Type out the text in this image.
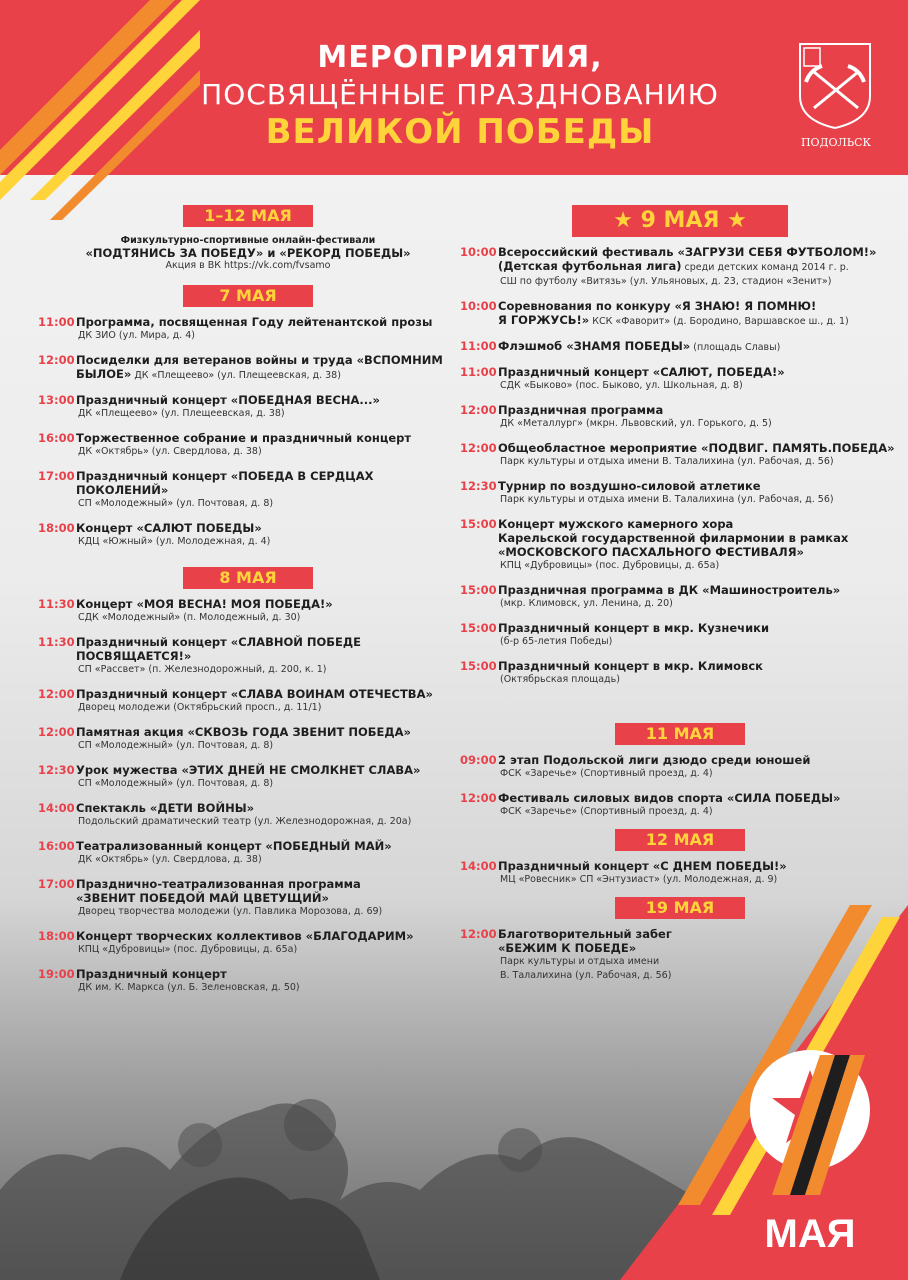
МЕРОПРИЯТИЯ,
ПОСВЯЩЁННЫЕ ПРАЗДНОВАНИЮ
ВЕЛИКОЙ ПОБЕДЫ	ПОДОЛЬСК
МАЯ
1–12 МАЯ
Физкультурно-спортивные онлайн-фестивали
«ПОДТЯНИСЬ ЗА ПОБЕДУ» и «РЕКОРД ПОБЕДЫ»
Акция в ВК https://vk.com/fvsamo
7 МАЯ
11:00 Программа, посвященная Году лейтенантской прозы
ДК ЗИО (ул. Мира, д. 4)
12:00 Посиделки для ветеранов войны и труда «ВСПОМНИМ
БЫЛОЕ» ДК «Плещеево» (ул. Плещеевская, д. 38)
13:00 Праздничный концерт «ПОБЕДНАЯ ВЕСНА...»
ДК «Плещеево» (ул. Плещеевская, д. 38)
16:00 Торжественное собрание и праздничный концерт
ДК «Октябрь» (ул. Свердлова, д. 38)
17:00 Праздничный концерт «ПОБЕДА В СЕРДЦАХ ПОКОЛЕНИЙ»
СП «Молодежный» (ул. Почтовая, д. 8)
18:00 Концерт «САЛЮТ ПОБЕДЫ»
КДЦ «Южный» (ул. Молодежная, д. 4)
8 МАЯ
11:30 Концерт «МОЯ ВЕСНА! МОЯ ПОБЕДА!»
СДК «Молодежный» (п. Молодежный, д. 30)
11:30 Праздничный концерт «СЛАВНОЙ ПОБЕДЕ ПОСВЯЩАЕТСЯ!»
СП «Рассвет» (п. Железнодорожный, д. 200, к. 1)
12:00 Праздничный концерт «СЛАВА ВОИНАМ ОТЕЧЕСТВА»
Дворец молодежи (Октябрьский просп., д. 11/1)
12:00 Памятная акция «СКВОЗЬ ГОДА ЗВЕНИТ ПОБЕДА»
СП «Молодежный» (ул. Почтовая, д. 8)
12:30 Урок мужества «ЭТИХ ДНЕЙ НЕ СМОЛКНЕТ СЛАВА»
СП «Молодежный» (ул. Почтовая, д. 8)
14:00 Спектакль «ДЕТИ ВОЙНЫ»
Подольский драматический театр (ул. Железнодорожная, д. 20а)
16:00 Театрализованный концерт «ПОБЕДНЫЙ МАЙ»
ДК «Октябрь» (ул. Свердлова, д. 38)
17:00 Празднично-театрализованная программа
«ЗВЕНИТ ПОБЕДОЙ МАЙ ЦВЕТУЩИЙ»
Дворец творчества молодежи (ул. Павлика Морозова, д. 69)
18:00 Концерт творческих коллективов «БЛАГОДАРИМ»
КПЦ «Дубровицы» (пос. Дубровицы, д. 65а)
19:00 Праздничный концерт
ДК им. К. Маркса (ул. Б. Зеленовская, д. 50)
★ 9 МАЯ ★
10:00 Всероссийский фестиваль «ЗАГРУЗИ СЕБЯ ФУТБОЛОМ!»
(Детская футбольная лига) среди детских команд 2014 г. р.
СШ по футболу «Витязь» (ул. Ульяновых, д. 23, стадион «Зенит»)
10:00 Соревнования по конкуру «Я ЗНАЮ! Я ПОМНЮ!
Я ГОРЖУСЬ!» КСК «Фаворит» (д. Бородино, Варшавское ш., д. 1)
11:00 Флэшмоб «ЗНАМЯ ПОБЕДЫ» (площадь Славы)
11:00 Праздничный концерт «САЛЮТ, ПОБЕДА!»
СДК «Быково» (пос. Быково, ул. Школьная, д. 8)
12:00 Праздничная программа
ДК «Металлург» (мкрн. Львовский, ул. Горького, д. 5)
12:00 Общеобластное мероприятие «ПОДВИГ. ПАМЯТЬ.ПОБЕДА»
Парк культуры и отдыха имени В. Талалихина (ул. Рабочая, д. 56)
12:30 Турнир по воздушно-силовой атлетике
Парк культуры и отдыха имени В. Талалихина (ул. Рабочая, д. 56)
15:00 Концерт мужского камерного хора
Карельской государственной филармонии в рамках
«МОСКОВСКОГО ПАСХАЛЬНОГО ФЕСТИВАЛЯ»
КПЦ «Дубровицы» (пос. Дубровицы, д. 65а)
15:00 Праздничная программа в ДК «Машиностроитель»
(мкр. Климовск, ул. Ленина, д. 20)
15:00 Праздничный концерт в мкр. Кузнечики
(б-р 65-летия Победы)
15:00 Праздничный концерт в мкр. Климовск
(Октябрьская площадь)
11 МАЯ
09:00 2 этап Подольской лиги дзюдо среди юношей
ФСК «Заречье» (Спортивный проезд, д. 4)
12:00 Фестиваль силовых видов спорта «СИЛА ПОБЕДЫ»
ФСК «Заречье» (Спортивный проезд, д. 4)
12 МАЯ
14:00 Праздничный концерт «С ДНЕМ ПОБЕДЫ!»
МЦ «Ровесник» СП «Энтузиаст» (ул. Молодежная, д. 9)
19 МАЯ
12:00 Благотворительный забег
«БЕЖИМ К ПОБЕДЕ»
Парк культуры и отдыха имени
В. Талалихина (ул. Рабочая, д. 56)
